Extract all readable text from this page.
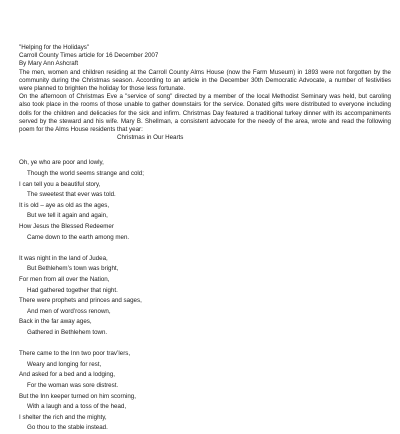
"Helping for the Holidays"
Carroll County Times article for 16 December 2007
By Mary Ann Ashcraft

The men, women and children residing at the Carroll County Alms House (now the Farm Museum) in 1893 were not forgotten by the community during the Christmas season. According to an article in the December 30th Democratic Advocate, a number of festivities were planned to brighten the holiday for those less fortunate.

On the afternoon of Christmas Eve a "service of song" directed by a member of the local Methodist Seminary was held, but caroling also took place in the rooms of those unable to gather downstairs for the service. Donated gifts were distributed to everyone including dolls for the children and delicacies for the sick and infirm. Christmas Day featured a traditional turkey dinner with its accompaniments served by the steward and his wife. Mary B. Shellman, a consistent advocate for the needy of the area, wrote and read the following poem for the Alms House residents that year:

Christmas in Our Hearts
Oh, ye who are poor and lowly,
Though the world seems strange and cold;
I can tell you a beautiful story,
The sweetest that ever was told.
It is old – aye as old as the ages,
But we tell it again and again,
How Jesus the Blessed Redeemer
Came down to the earth among men.
It was night in the land of Judea,
But Bethlehem’s town was bright,
For men from all over the Nation,
Had gathered together that night.
There were prophets and princes and sages,
And men of word’ross renown,
Back in the far away ages,
Gathered in Bethlehem town.
There came to the Inn two poor trav’lers,
Weary and longing for rest,
And asked for a bed and a lodging,
For the woman was sore distrest.
But the Inn keeper turned on him scorning,
With a laugh and a toss of the head,
I shelter the rich and the mighty,
Go thou to the stable instead.
